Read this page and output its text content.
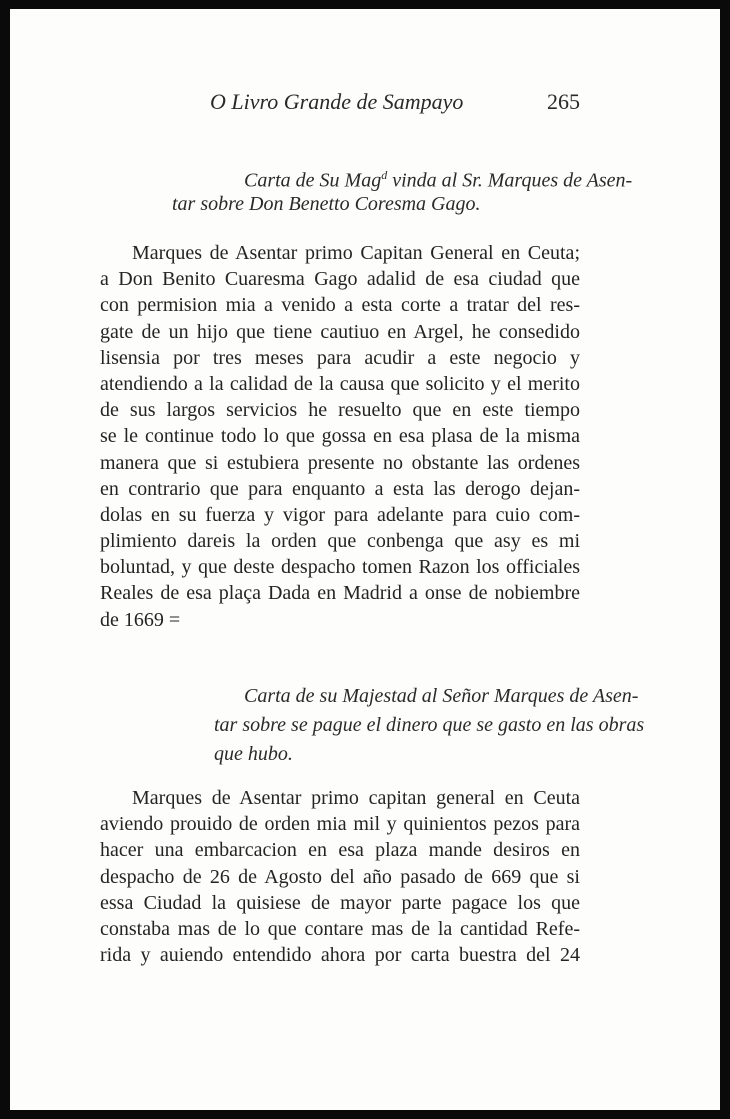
O Livro Grande de Sampayo	265
Carta de Su Mag$^d$ vinda al Sr. Marques de Asen-
tar sobre Don Benetto Coresma Gago.
Marques de Asentar primo Capitan General en Ceuta;
a Don Benito Cuaresma Gago adalid de esa ciudad que
con permision mia a venido a esta corte a tratar del res-
gate de un hijo que tiene cautiuo en Argel, he consedido
lisensia por tres meses para acudir a este negocio y
atendiendo a la calidad de la causa que solicito y el merito
de sus largos servicios he resuelto que en este tiempo
se le continue todo lo que gossa en esa plasa de la misma
manera que si estubiera presente no obstante las ordenes
en contrario que para enquanto a esta las derogo dejan-
dolas en su fuerza y vigor para adelante para cuio com-
plimiento dareis la orden que conbenga que asy es mi
boluntad, y que deste despacho tomen Razon los officiales
Reales de esa plaça Dada en Madrid a onse de nobiembre
de 1669 =
Carta de su Majestad al Señor Marques de Asen-
tar sobre se pague el dinero que se gasto en las obras
que hubo.
Marques de Asentar primo capitan general en Ceuta
aviendo prouido de orden mia mil y quinientos pezos para
hacer una embarcacion en esa plaza mande desiros en
despacho de 26 de Agosto del año pasado de 669 que si
essa Ciudad la quisiese de mayor parte pagace los que
constaba mas de lo que contare mas de la cantidad Refe-
rida y auiendo entendido ahora por carta buestra del 24
